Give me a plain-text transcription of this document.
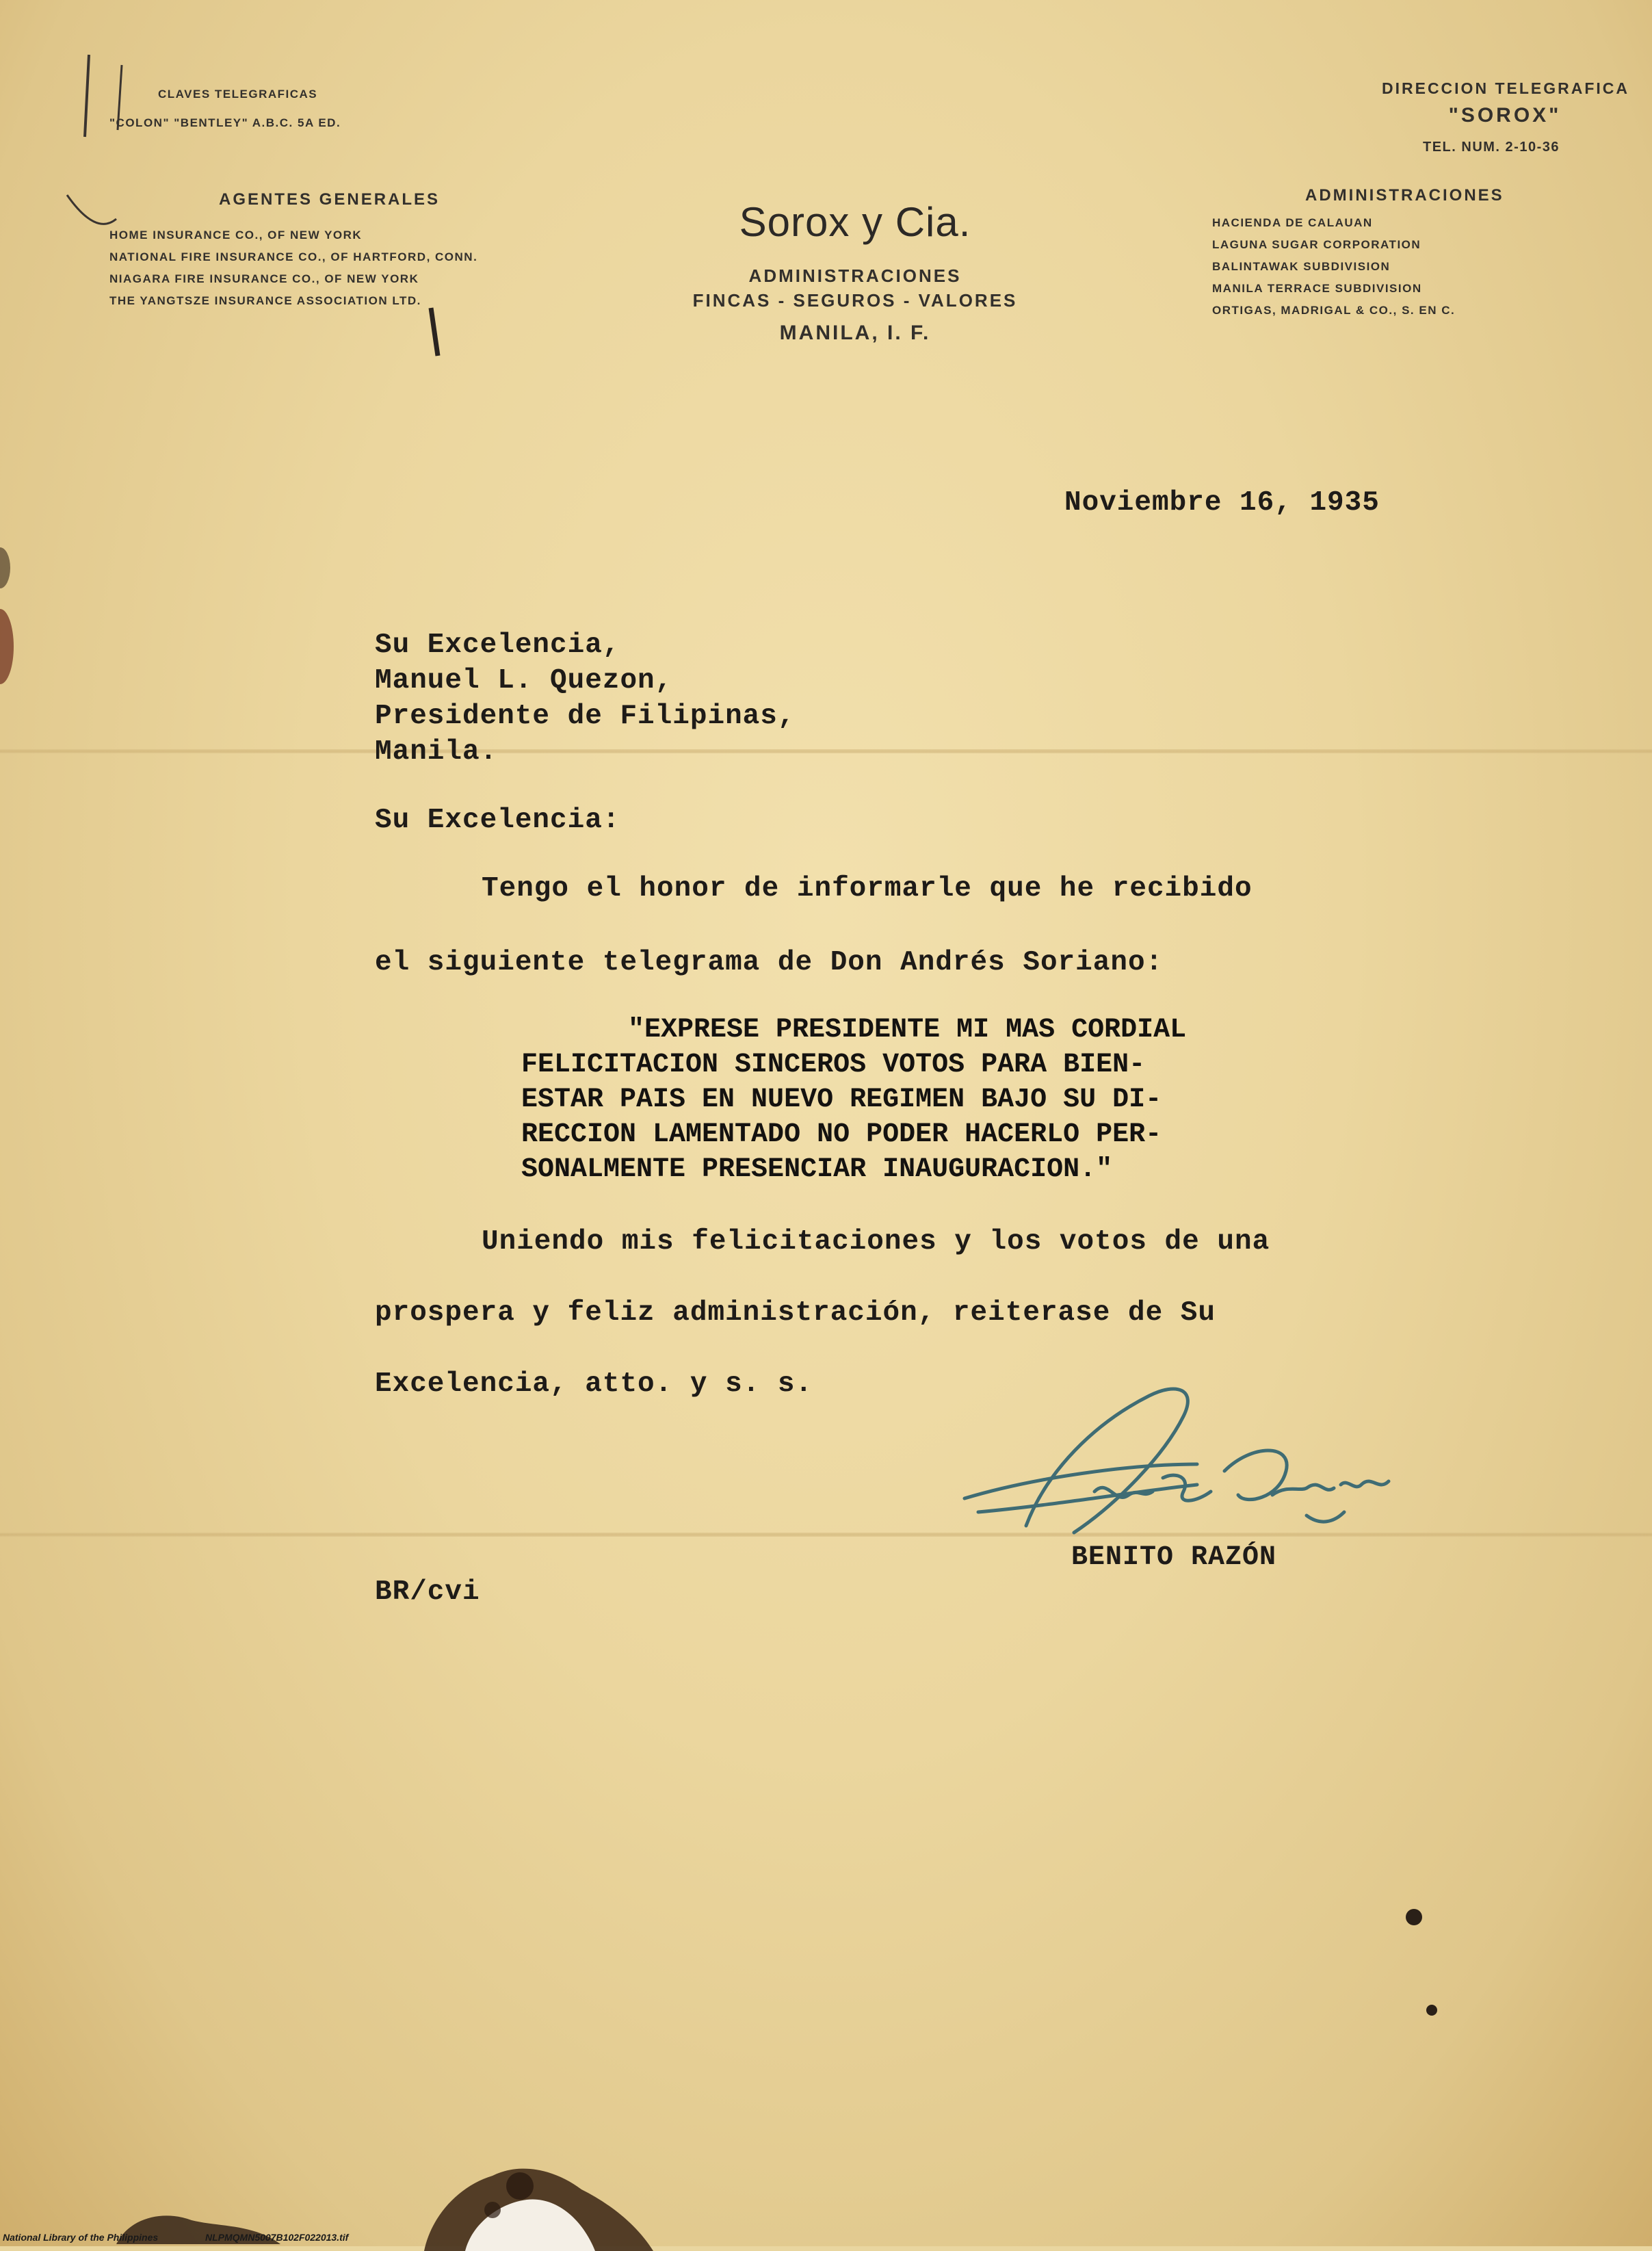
CLAVES TELEGRAFICAS
"COLON" "BENTLEY" A.B.C. 5A ED.
AGENTES GENERALES
HOME INSURANCE CO., OF NEW YORK
NATIONAL FIRE INSURANCE CO., OF HARTFORD, CONN.
NIAGARA FIRE INSURANCE CO., OF NEW YORK
THE YANGTSZE INSURANCE ASSOCIATION LTD.
Sorox y Cia.
ADMINISTRACIONES
FINCAS - SEGUROS - VALORES
MANILA, I. F.
DIRECCION TELEGRAFICA
"SOROX"
TEL. NUM. 2-10-36
ADMINISTRACIONES
HACIENDA DE CALAUAN
LAGUNA SUGAR CORPORATION
BALINTAWAK SUBDIVISION
MANILA TERRACE SUBDIVISION
ORTIGAS, MADRIGAL & CO., S. EN C.
Noviembre 16, 1935
Su Excelencia,
Manuel L. Quezon,
Presidente de Filipinas,
Manila.
Su Excelencia:
Tengo el honor de informarle que he recibido
el siguiente telegrama de Don Andrés Soriano:
"EXPRESE PRESIDENTE MI MAS CORDIAL
FELICITACION SINCEROS VOTOS PARA BIEN-
ESTAR PAIS EN NUEVO REGIMEN BAJO SU DI-
RECCION LAMENTADO NO PODER HACERLO PER-
SONALMENTE PRESENCIAR INAUGURACION."
Uniendo mis felicitaciones y los votos de una
prospera y feliz administración, reiterase de Su
Excelencia, atto. y s. s.
BENITO RAZÓN
BR/cvi
National Library of the Philippines	NLPMQMN5007B102F022013.tif
